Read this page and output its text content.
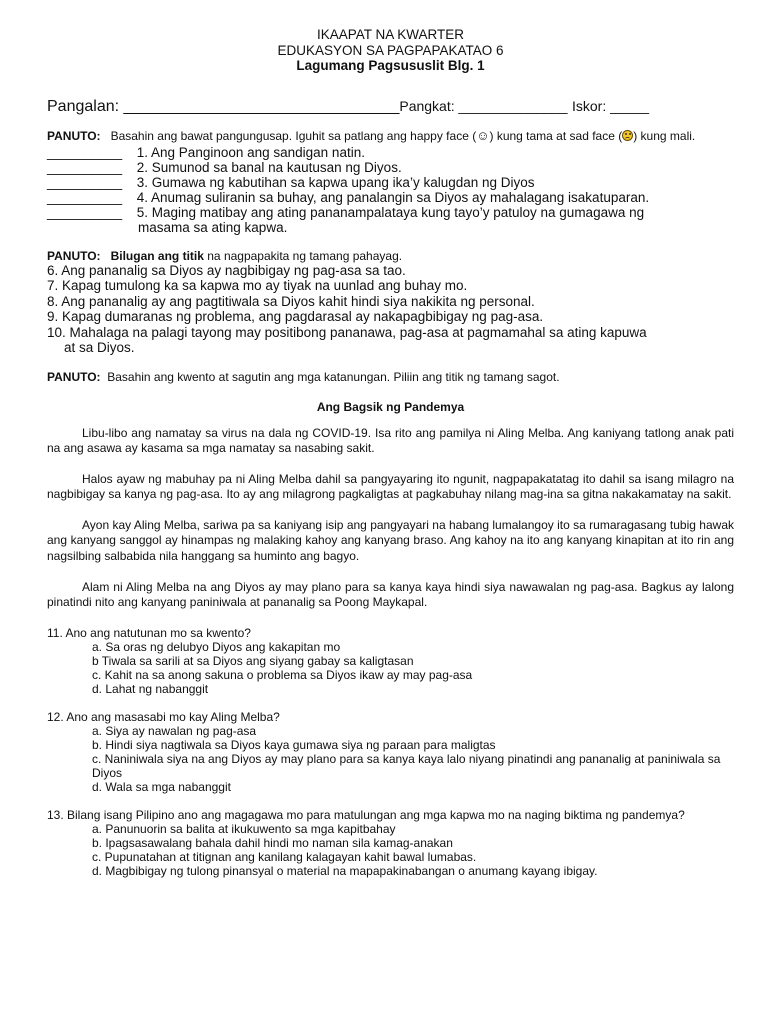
IKAAPAT NA KWARTER
EDUKASYON SA PAGPAPAKATAO 6
Lagumang Pagsususlit Blg. 1
Pangalan: _______________________________Pangkat: ______________ Iskor: _____
PANUTO: Basahin ang bawat pangungusap. Iguhit sa patlang ang happy face (☺) kung tama at sad face ( ) kung mali.
__________ 1. Ang Panginoon ang sandigan natin.
__________ 2. Sumunod sa banal na kautusan ng Diyos.
__________ 3. Gumawa ng kabutihan sa kapwa upang ika’y kalugdan ng Diyos
__________ 4. Anumag suliranin sa buhay, ang panalangin sa Diyos ay mahalagang isakatuparan.
__________ 5. Maging matibay ang ating pananampalataya kung tayo’y patuloy na gumagawa ng
masama sa ating kapwa.
PANUTO: Bilugan ang titik na nagpapakita ng tamang pahayag.
6. Ang pananalig sa Diyos ay nagbibigay ng pag-asa sa tao.
7. Kapag tumulong ka sa kapwa mo ay tiyak na uunlad ang buhay mo.
8. Ang pananalig ay ang pagtitiwala sa Diyos kahit hindi siya nakikita ng personal.
9. Kapag dumaranas ng problema, ang pagdarasal ay nakapagbibigay ng pag-asa.
10. Mahalaga na palagi tayong may positibong pananawa, pag-asa at pagmamahal sa ating kapuwa
at sa Diyos.
PANUTO: Basahin ang kwento at sagutin ang mga katanungan. Piliin ang titik ng tamang sagot.
Ang Bagsik ng Pandemya

Libu-libo ang namatay sa virus na dala ng COVID-19. Isa rito ang pamilya ni Aling Melba. Ang kaniyang tatlong anak pati na ang asawa ay kasama sa mga namatay sa nasabing sakit.

Halos ayaw ng mabuhay pa ni Aling Melba dahil sa pangyayaring ito ngunit, nagpapakatatag ito dahil sa isang milagro na nagbibigay sa kanya ng pag-asa. Ito ay ang milagrong pagkaligtas at pagkabuhay nilang mag-ina sa gitna nakakamatay na sakit.

Ayon kay Aling Melba, sariwa pa sa kaniyang isip ang pangyayari na habang lumalangoy ito sa rumaragasang tubig hawak ang kanyang sanggol ay hinampas ng malaking kahoy ang kanyang braso. Ang kahoy na ito ang kanyang kinapitan at ito rin ang nagsilbing salbabida nila hanggang sa huminto ang bagyo.

Alam ni Aling Melba na ang Diyos ay may plano para sa kanya kaya hindi siya nawawalan ng pag-asa. Bagkus ay lalong pinatindi nito ang kanyang paniniwala at pananalig sa Poong Maykapal.

11. Ano ang natutunan mo sa kwento?
a. Sa oras ng delubyo Diyos ang kakapitan mo
b Tiwala sa sarili at sa Diyos ang siyang gabay sa kaligtasan
c. Kahit na sa anong sakuna o problema sa Diyos ikaw ay may pag-asa
d. Lahat ng nabanggit
12. Ano ang masasabi mo kay Aling Melba?
a. Siya ay nawalan ng pag-asa
b. Hindi siya nagtiwala sa Diyos kaya gumawa siya ng paraan para maligtas
c. Naniniwala siya na ang Diyos ay may plano para sa kanya kaya lalo niyang pinatindi ang pananalig at paniniwala sa Diyos
d. Wala sa mga nabanggit
13. Bilang isang Pilipino ano ang magagawa mo para matulungan ang mga kapwa mo na naging biktima ng pandemya?
a. Panunuorin sa balita at ikukuwento sa mga kapitbahay
b. Ipagsasawalang bahala dahil hindi mo naman sila kamag-anakan
c. Pupunatahan at titignan ang kanilang kalagayan kahit bawal lumabas.
d. Magbibigay ng tulong pinansyal o material na mapapakinabangan o anumang kayang ibigay.
